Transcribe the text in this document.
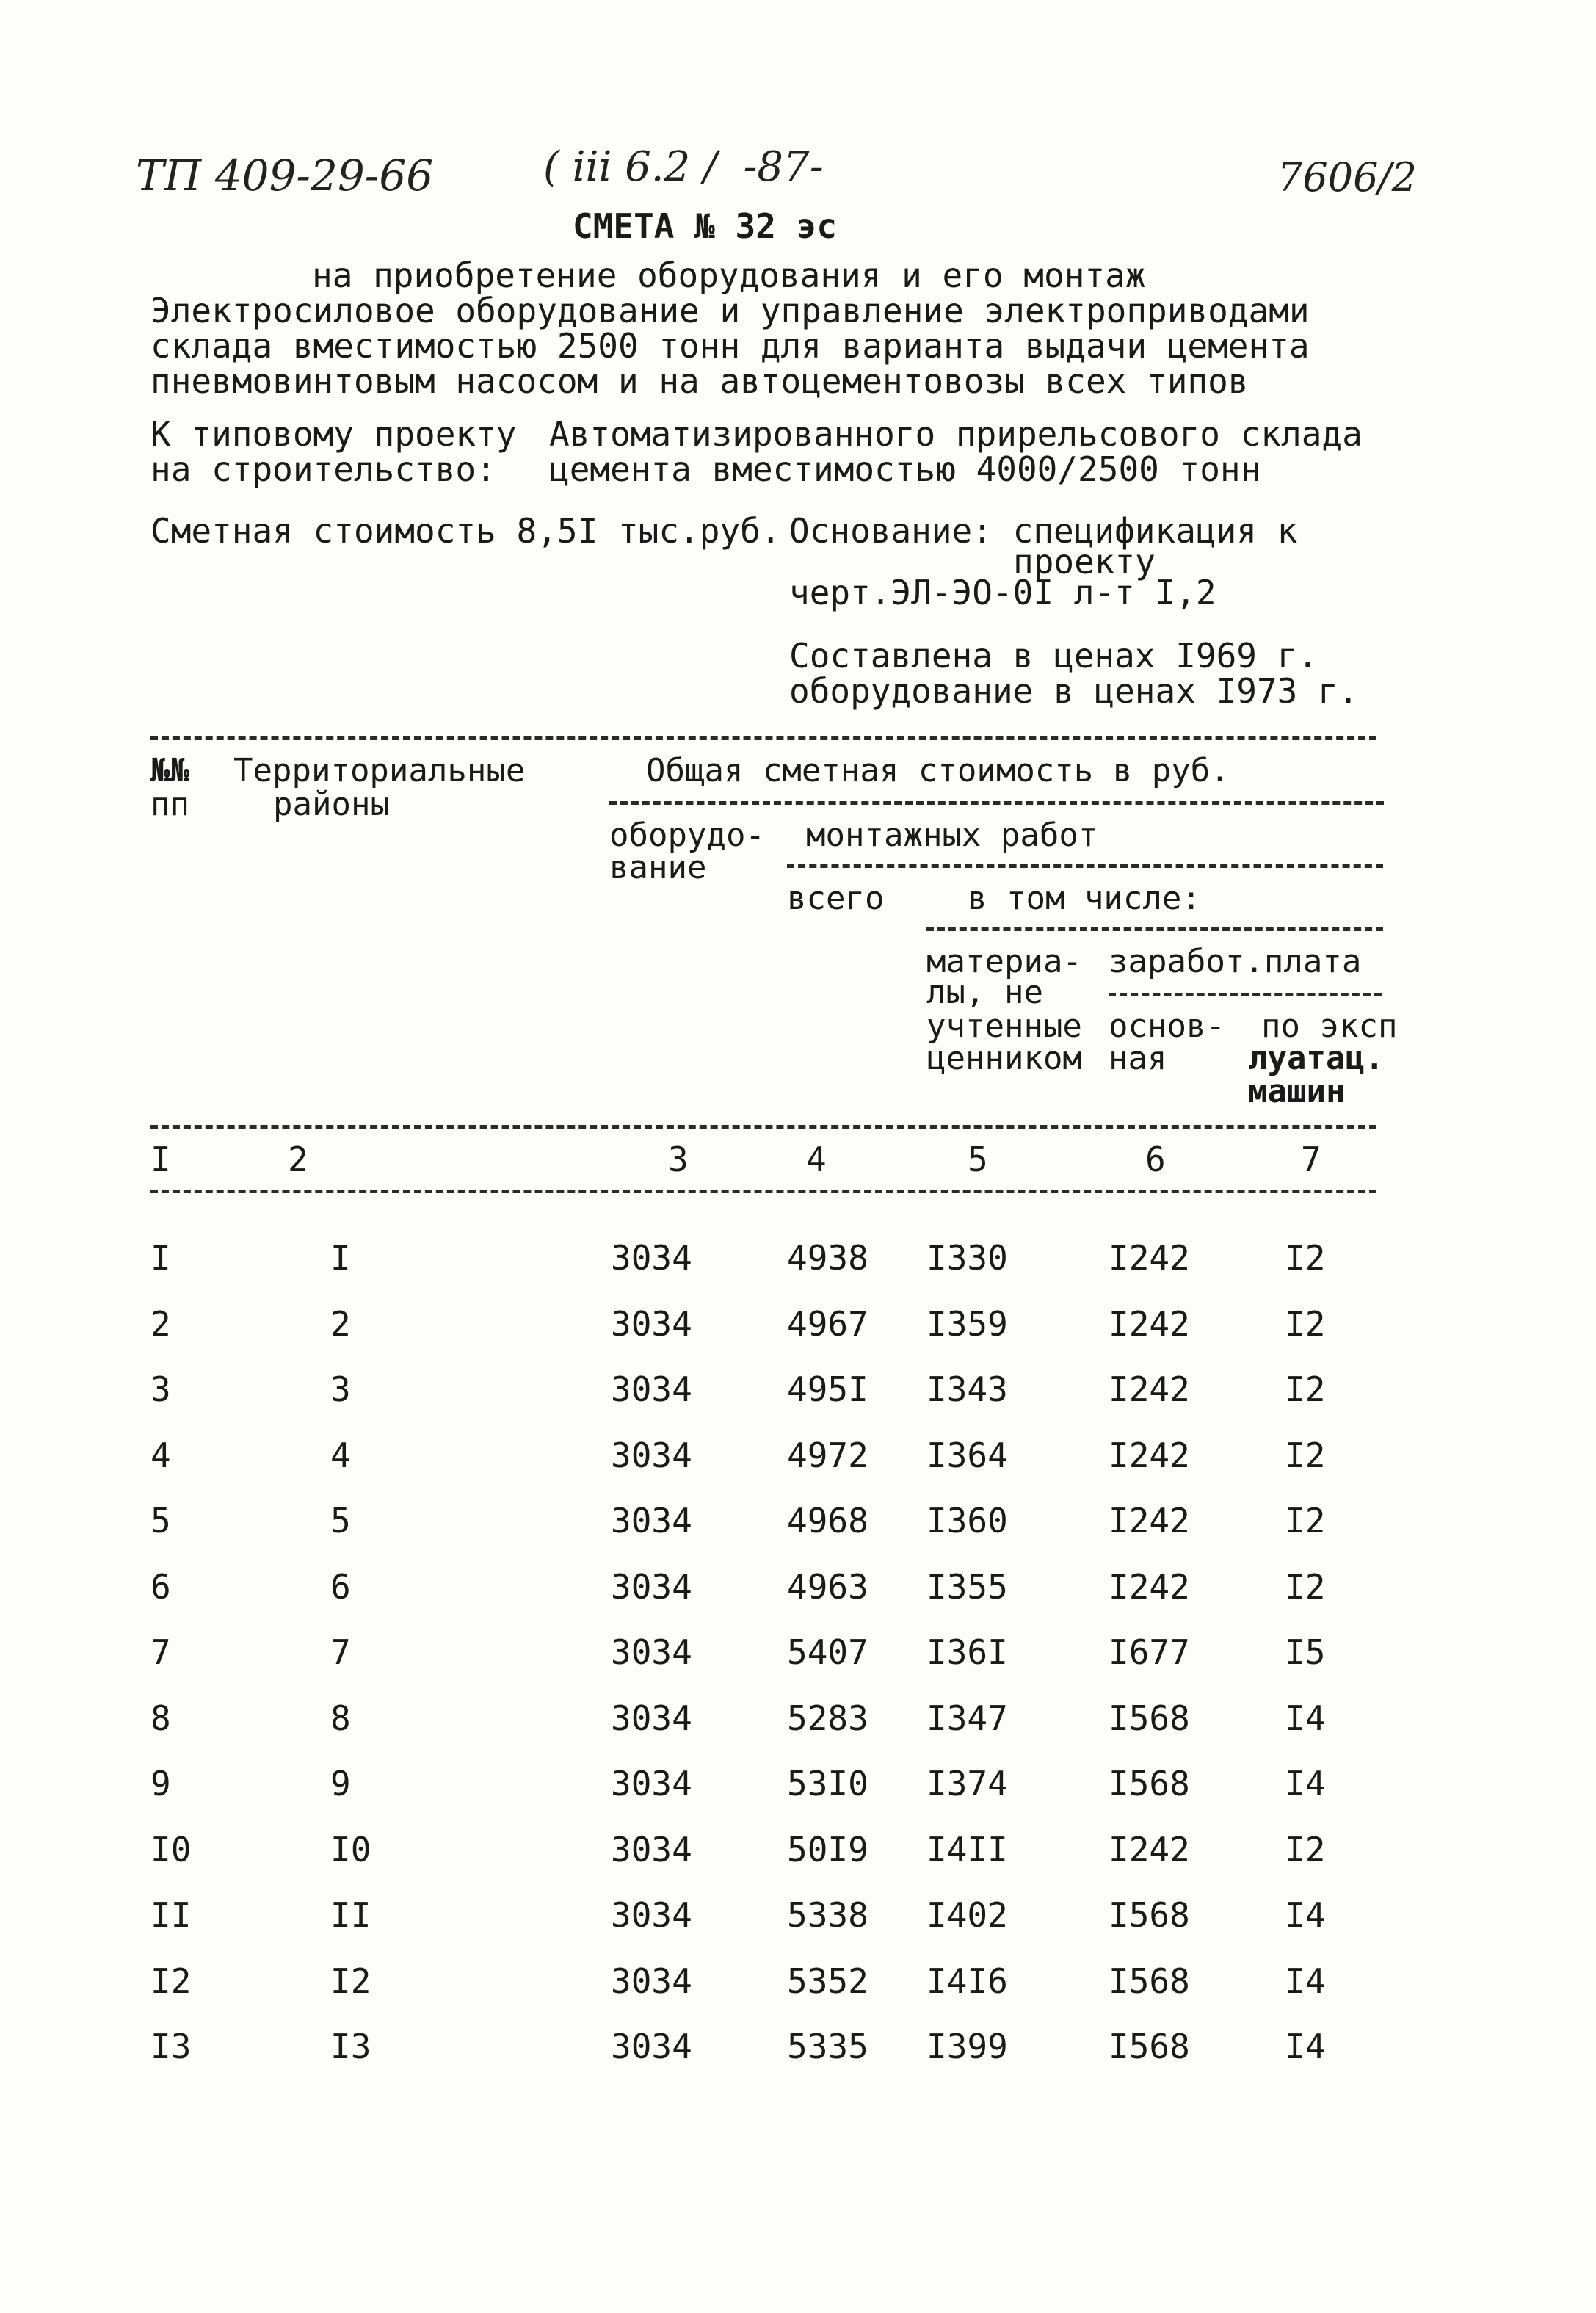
ТП 409-29-66	( ⅲ 6.2 /  -87-	7606/2
СМЕТА № 32 эс
на приобретение оборудования и его монтаж
Электросиловое оборудование и управление электроприводами
склада вместимостью 2500 тонн для варианта выдачи цемента
пневмовинтовым насосом и на автоцементовозы всех типов
К типовому проекту
на строительство:
Автоматизированного прирельсового склада
цемента вместимостью 4000/2500 тонн
Сметная стоимость 8,5I тыс.руб. Основание: спецификация к
проекту
черт.ЭЛ-ЭО-0I л-т I,2
Составлена в ценах I969 г.
оборудование в ценах I973 г.
№№
пп
Территориальные
районы
Общая сметная стоимость в руб.
оборудо-
вание
монтажных работ
всего	в том числе:
материа-
лы, не
учтенные
ценником
заработ.плата
основ-
ная
по эксп
луатац.
машин
I	2	3	4	5	6	7
I	I	3034	4938 I330	I242	I2
2	2	3034	4967 I359	I242	I2
3	3	3034	495I I343	I242	I2
4	4	3034	4972 I364	I242	I2
5	5	3034	4968 I360	I242	I2
6	6	3034	4963 I355	I242	I2
7	7	3034	5407 I36I	I677	I5
8	8	3034	5283 I347	I568	I4
9	9	3034	53I0 I374	I568	I4
I0	I0	3034	50I9 I4II	I242	I2
II	II	3034	5338 I402	I568	I4
I2	I2	3034	5352 I4I6	I568	I4
I3	I3	3034	5335 I399	I568	I4
